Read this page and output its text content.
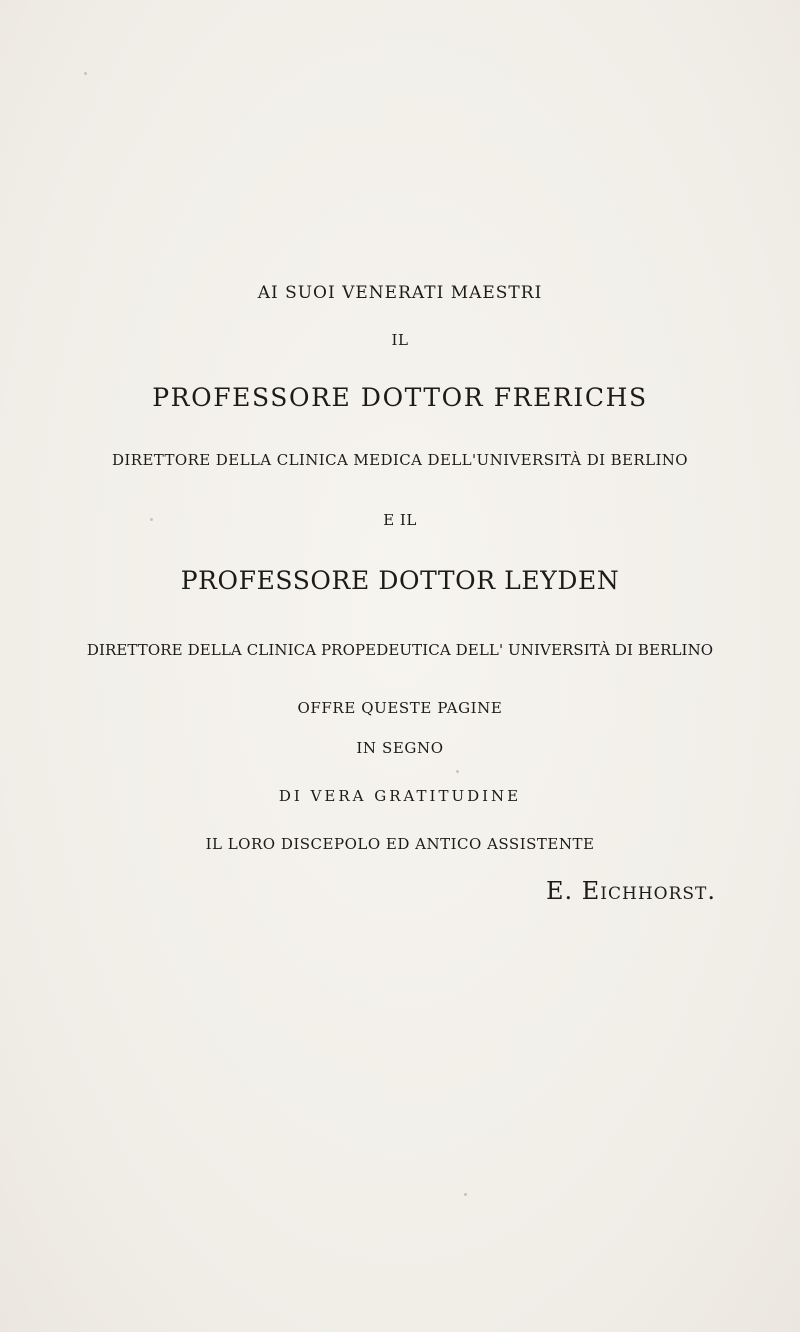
AI SUOI VENERATI MAESTRI
IL
PROFESSORE DOTTOR FRERICHS
DIRETTORE DELLA CLINICA MEDICA DELL'UNIVERSITÀ DI BERLINO
E IL
PROFESSORE DOTTOR LEYDEN
DIRETTORE DELLA CLINICA PROPEDEUTICA DELL' UNIVERSITÀ DI BERLINO
OFFRE QUESTE PAGINE
IN SEGNO
DI VERA GRATITUDINE
IL LORO DISCEPOLO ED ANTICO ASSISTENTE
E. Eichhorst.
